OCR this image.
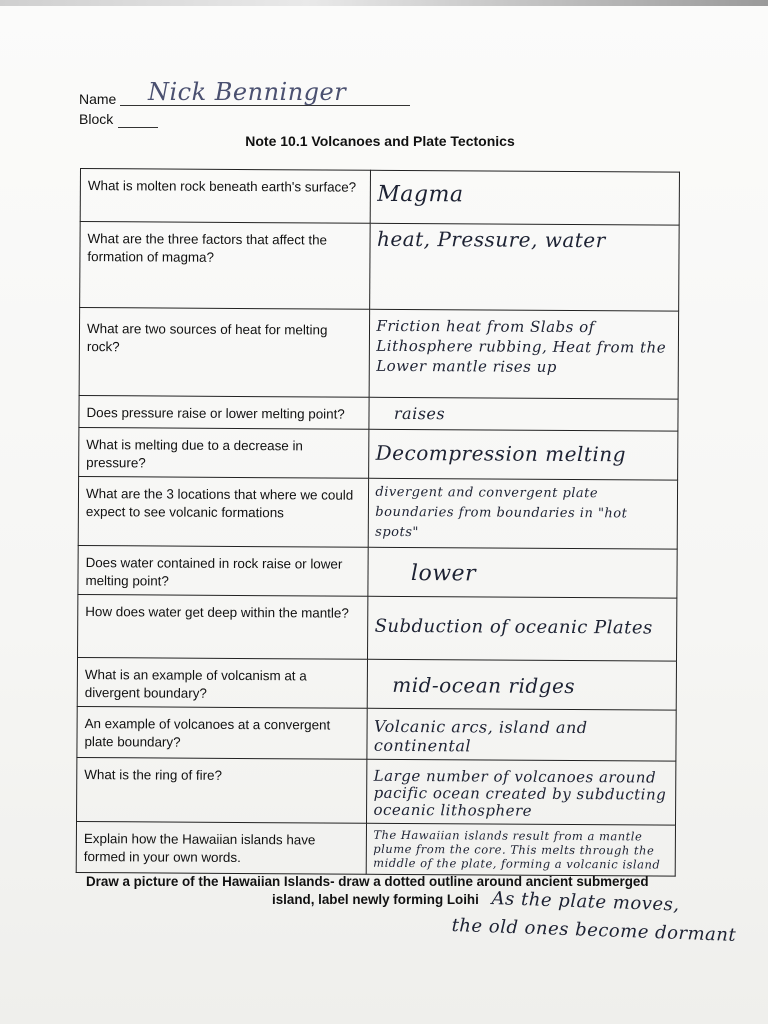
Name Nick Benninger
Block
Note 10.1 Volcanoes and Plate Tectonics
What is molten rock beneath earth's surface?	Magma

What are the three factors that affect the formation of magma?	heat, Pressure, water

What are two sources of heat for melting rock?	Friction heat from Slabs of Lithosphere rubbing, Heat from the Lower mantle rises up

Does pressure raise or lower melting point?	raises

What is melting due to a decrease in pressure?	Decompression melting

What are the 3 locations that where we could expect to see volcanic formations	divergent and convergent plate boundaries from boundaries in "hot spots"

Does water contained in rock raise or lower melting point?	lower

How does water get deep within the mantle?	Subduction of oceanic Plates

What is an example of volcanism at a divergent boundary?	mid-ocean ridges

An example of volcanoes at a convergent plate boundary?	Volcanic arcs, island and continental

What is the ring of fire?	Large number of volcanoes around pacific ocean created by subducting oceanic lithosphere

Explain how the Hawaiian islands have formed in your own words.	The Hawaiian islands result from a mantle plume from the core. This melts through the middle of the plate, forming a volcanic island
Draw a picture of the Hawaiian Islands- draw a dotted outline around ancient submerged
island, label newly forming Loihi As the plate moves,
the old ones become dormant
